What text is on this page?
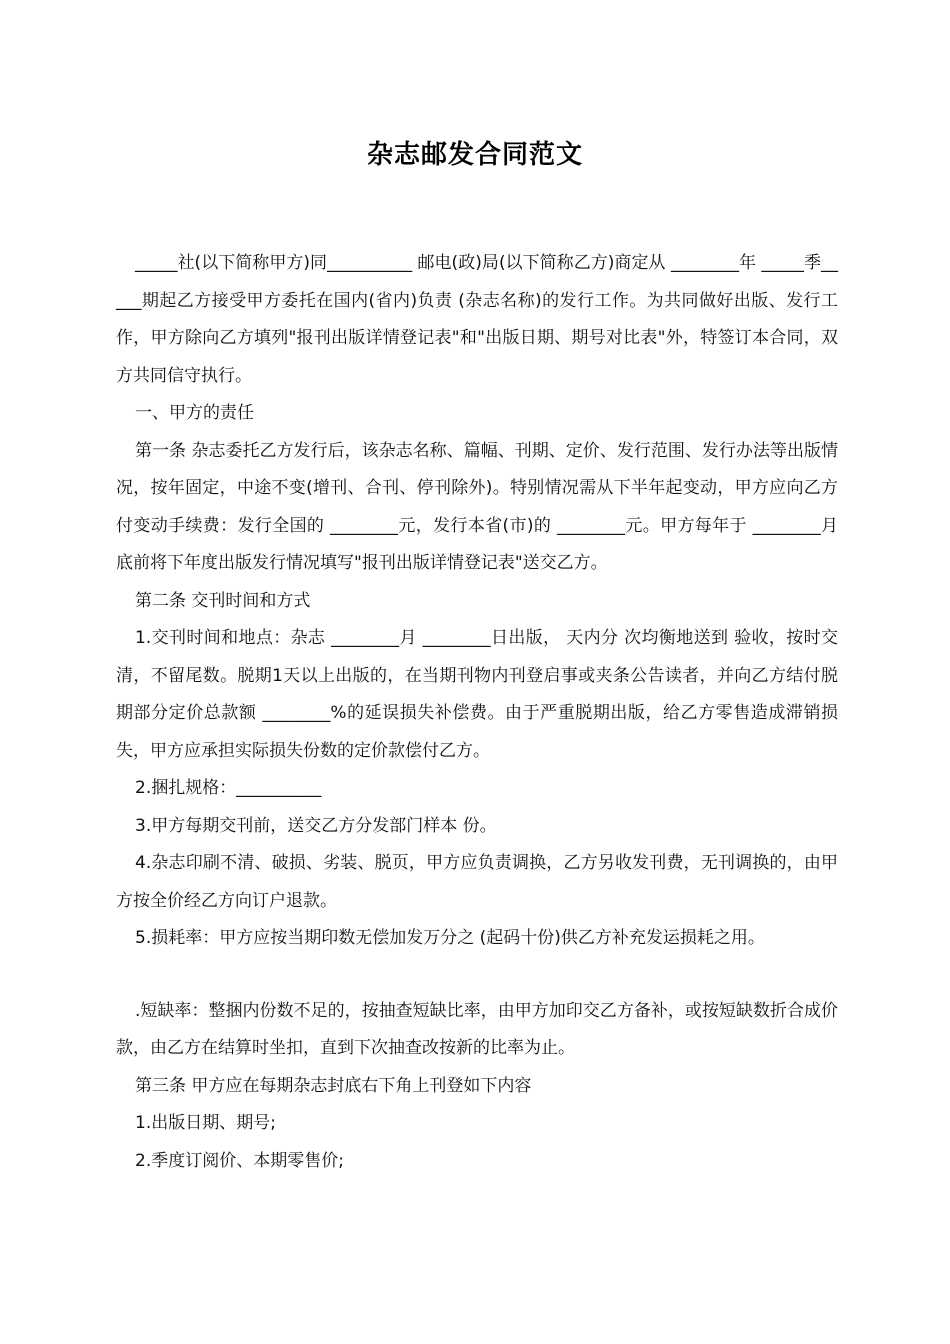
杂志邮发合同范文

_____社(以下简称甲方)同__________ 邮电(政)局(以下简称乙方)商定从 ________年 _____季_____期起乙方接受甲方委托在国内(省内)负责 (杂志名称)的发行工作。为共同做好出版、发行工作，甲方除向乙方填列"报刊出版详情登记表"和"出版日期、期号对比表"外，特签订本合同，双方共同信守执行。

一、甲方的责任

第一条 杂志委托乙方发行后，该杂志名称、篇幅、刊期、定价、发行范围、发行办法等出版情况，按年固定，中途不变(增刊、合刊、停刊除外)。特别情况需从下半年起变动，甲方应向乙方付变动手续费：发行全国的 ________元，发行本省(市)的 ________元。甲方每年于 ________月底前将下年度出版发行情况填写"报刊出版详情登记表"送交乙方。

第二条 交刊时间和方式

1.交刊时间和地点：杂志 ________月 ________日出版， 天内分 次均衡地送到 验收，按时交清，不留尾数。脱期1天以上出版的，在当期刊物内刊登启事或夹条公告读者，并向乙方结付脱期部分定价总款额 ________%的延误损失补偿费。由于严重脱期出版，给乙方零售造成滞销损失，甲方应承担实际损失份数的定价款偿付乙方。

2.捆扎规格：__________

3.甲方每期交刊前，送交乙方分发部门样本 份。

4.杂志印刷不清、破损、劣装、脱页，甲方应负责调换，乙方另收发刊费，无刊调换的，由甲方按全价经乙方向订户退款。

5.损耗率：甲方应按当期印数无偿加发万分之 (起码十份)供乙方补充发运损耗之用。

.短缺率：整捆内份数不足的，按抽查短缺比率，由甲方加印交乙方备补，或按短缺数折合成价款，由乙方在结算时坐扣，直到下次抽查改按新的比率为止。

第三条 甲方应在每期杂志封底右下角上刊登如下内容

1.出版日期、期号;

2.季度订阅价、本期零售价;
